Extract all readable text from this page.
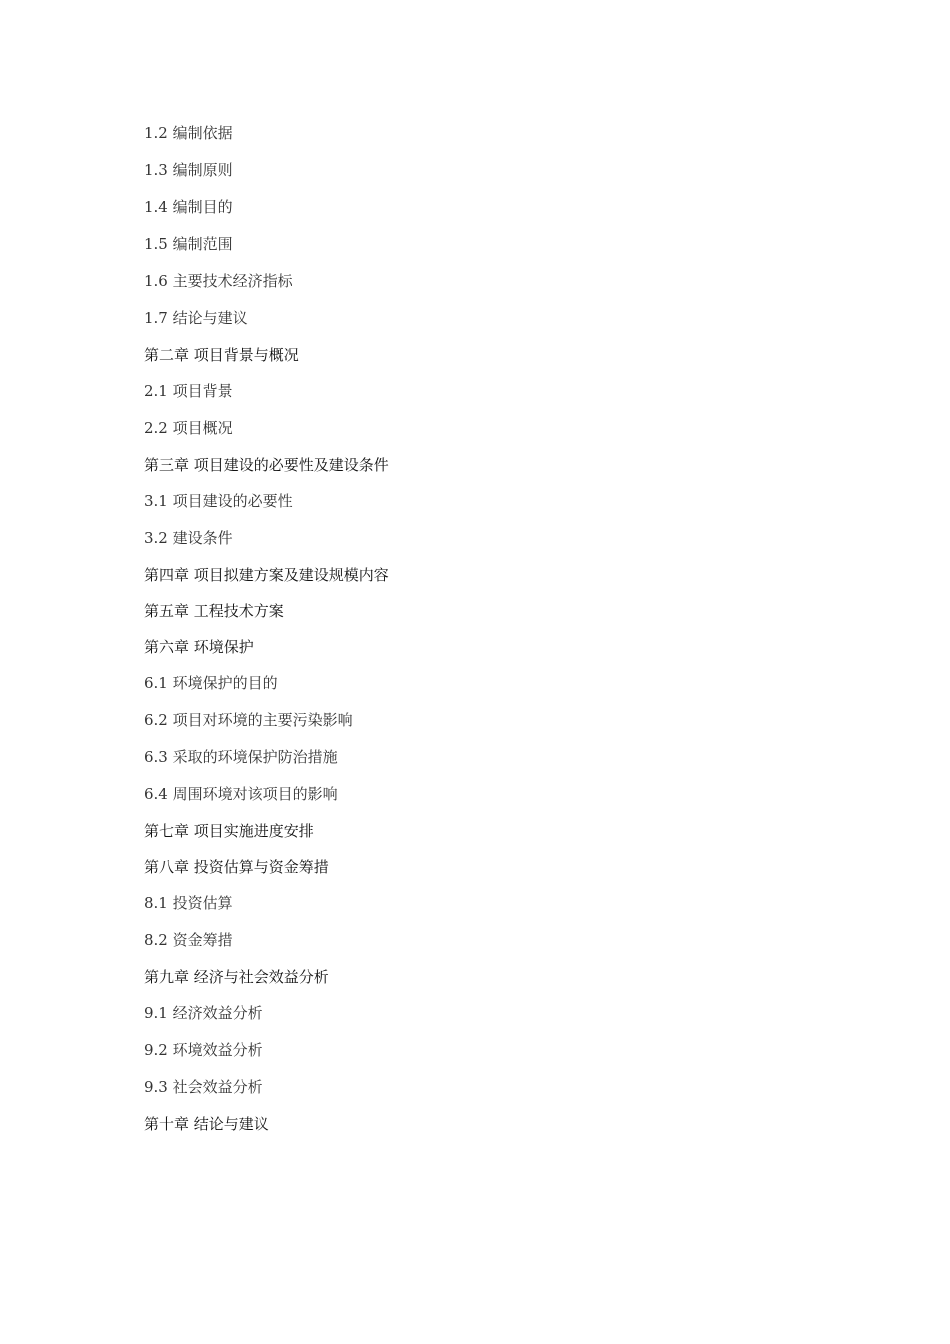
1.2 编制依据
1.3 编制原则
1.4 编制目的
1.5 编制范围
1.6 主要技术经济指标
1.7 结论与建议
第二章 项目背景与概况
2.1 项目背景
2.2 项目概况
第三章 项目建设的必要性及建设条件
3.1 项目建设的必要性
3.2 建设条件
第四章 项目拟建方案及建设规模内容
第五章 工程技术方案
第六章 环境保护
6.1 环境保护的目的
6.2 项目对环境的主要污染影响
6.3 采取的环境保护防治措施
6.4 周围环境对该项目的影响
第七章 项目实施进度安排
第八章 投资估算与资金筹措
8.1 投资估算
8.2 资金筹措
第九章 经济与社会效益分析
9.1 经济效益分析
9.2 环境效益分析
9.3 社会效益分析
第十章 结论与建议
